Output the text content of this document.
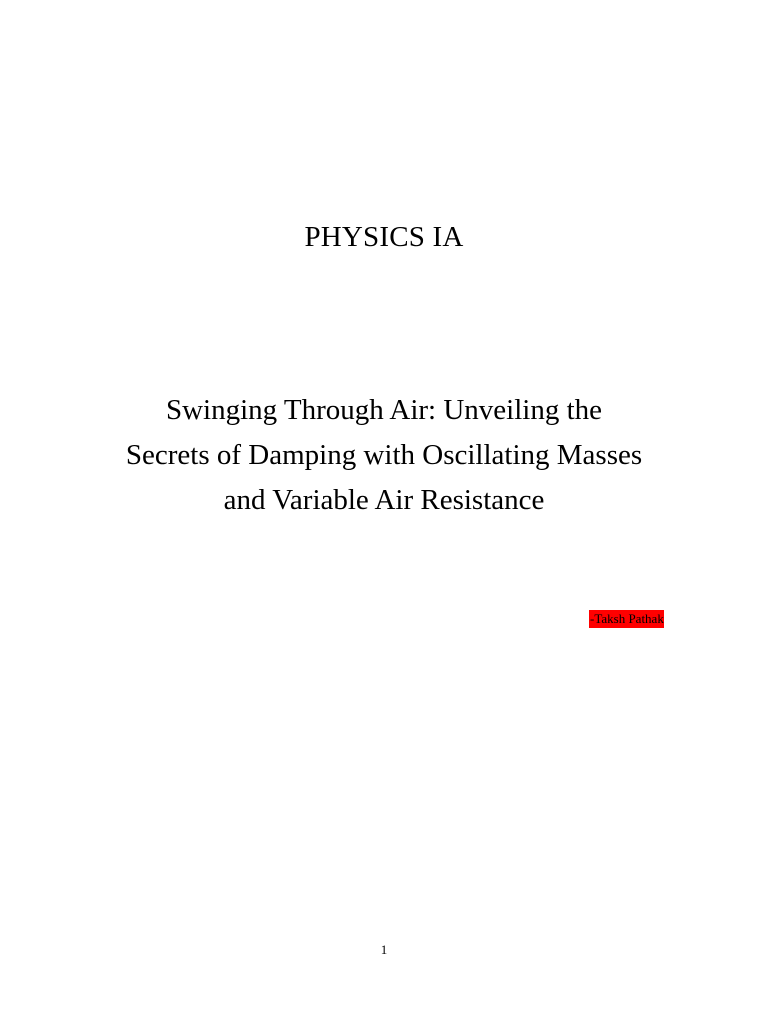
PHYSICS IA
Swinging Through Air: Unveiling the
Secrets of Damping with Oscillating Masses
and Variable Air Resistance
-Taksh Pathak
1
